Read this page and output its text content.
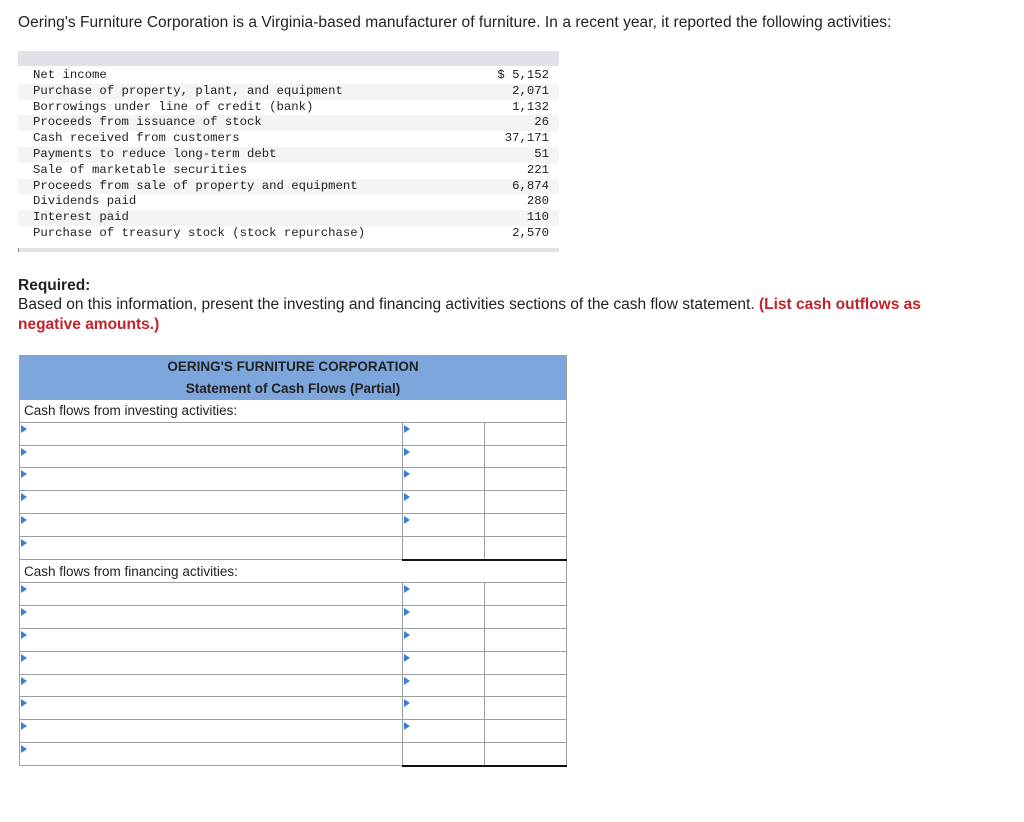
Oering's Furniture Corporation is a Virginia-based manufacturer of furniture. In a recent year, it reported the following activities:
Net income	$ 5,152
Purchase of property, plant, and equipment	2,071
Borrowings under line of credit (bank)	1,132
Proceeds from issuance of stock	26
Cash received from customers	37,171
Payments to reduce long-term debt	51
Sale of marketable securities	221
Proceeds from sale of property and equipment	6,874
Dividends paid	280
Interest paid	110
Purchase of treasury stock (stock repurchase)	2,570
Required:
Based on this information, present the investing and financing activities sections of the cash flow statement. (List cash outflows as negative amounts.)
OERING'S FURNITURE CORPORATION		
Statement of Cash Flows (Partial)		
Cash flows from investing activities:		

Cash flows from financing activities:		
